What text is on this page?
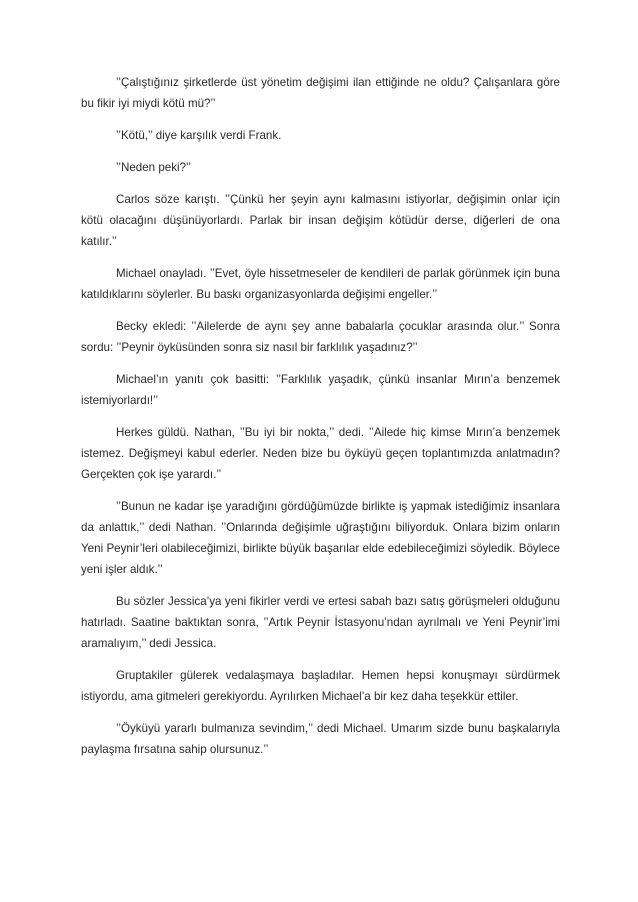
’’Çalıştığınız şirketlerde üst yönetim değişimi ilan ettiğinde ne oldu? Çalışanlara göre bu fikir iyi miydi kötü mü?’’

’’Kötü,’’ diye karşılık verdi Frank.

’’Neden peki?’’

Carlos söze karıştı. ’’Çünkü her şeyin aynı kalmasını istiyorlar, değişimin onlar için kötü olacağını düşünüyorlardı. Parlak bir insan değişim kötüdür derse, diğerleri de ona katılır.’’

Michael onayladı. ’’Evet, öyle hissetmeseler de kendileri de parlak görünmek için buna katıldıklarını söylerler. Bu baskı organizasyonlarda değişimi engeller.’’

Becky ekledi: ’’Ailelerde de aynı şey anne babalarla çocuklar arasında olur.’’ Sonra sordu: ’’Peynir öyküsünden sonra siz nasıl bir farklılık yaşadınız?’’

Michael’ın yanıtı çok basitti: ’’Farklılık yaşadık, çünkü insanlar Mırın’a benzemek istemiyorlardı!’’

Herkes güldü. Nathan, ’’Bu iyi bir nokta,’’ dedi. ’’Ailede hiç kimse Mırın’a benzemek istemez. Değişmeyi kabul ederler. Neden bize bu öyküyü geçen toplantımızda anlatmadın? Gerçekten çok işe yarardı.’’

’’Bunun ne kadar işe yaradığını gördüğümüzde birlikte iş yapmak istediğimiz insanlara da anlattık,’’ dedi Nathan. ’’Onlarında değişimle uğraştığını biliyorduk. Onlara bizim onların Yeni Peynir’leri olabileceğimizi, birlikte büyük başarılar elde edebileceğimizi söyledik. Böylece yeni işler aldık.’’

Bu sözler Jessica’ya yeni fikirler verdi ve ertesi sabah bazı satış görüşmeleri olduğunu hatırladı. Saatine baktıktan sonra, ’’Artık Peynir İstasyonu’ndan ayrılmalı ve Yeni Peynir’imi aramalıyım,’’ dedi Jessica.

Gruptakiler gülerek vedalaşmaya başladılar. Hemen hepsi konuşmayı sürdürmek istiyordu, ama gitmeleri gerekiyordu. Ayrılırken Michael’a bir kez daha teşekkür ettiler.

’’Öyküyü yararlı bulmanıza sevindim,’’ dedi Michael. Umarım sizde bunu başkalarıyla paylaşma fırsatına sahip olursunuz.’’
